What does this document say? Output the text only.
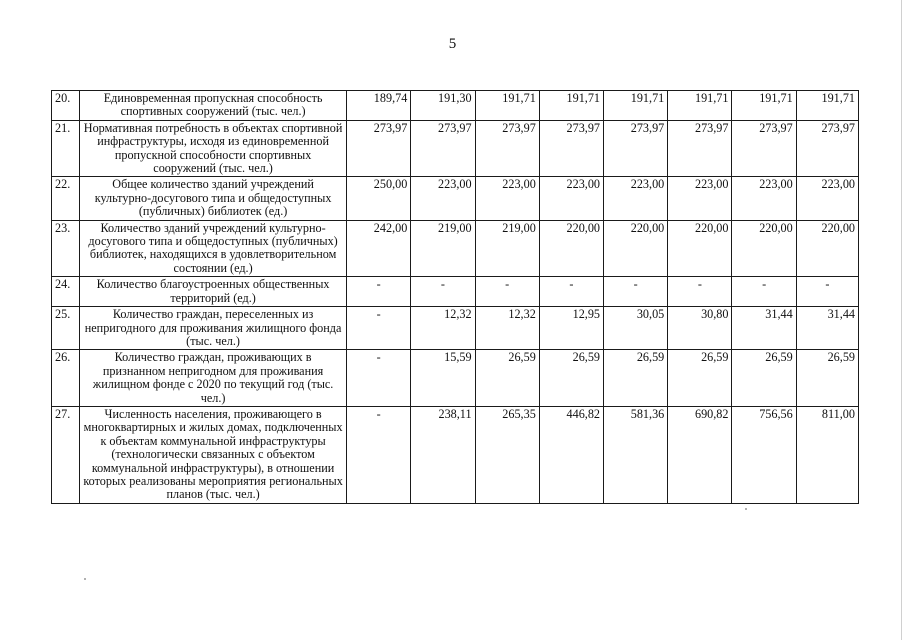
5
20.	Единовременная пропускная способность спортивных сооружений (тыс. чел.)	189,74	191,30	191,71	191,71	191,71	191,71	191,71	191,71
21.	Нормативная потребность в объектах спортивной инфраструктуры, исходя из единовременной пропускной способности спортивных сооружений (тыс. чел.)	273,97	273,97	273,97	273,97	273,97	273,97	273,97	273,97
22.	Общее количество зданий учреждений культурно-досугового типа и общедоступных (публичных) библиотек (ед.)	250,00	223,00	223,00	223,00	223,00	223,00	223,00	223,00
23.	Количество зданий учреждений культурно-досугового типа и общедоступных (публичных) библиотек, находящихся в удовлетворительном состоянии (ед.)	242,00	219,00	219,00	220,00	220,00	220,00	220,00	220,00
24.	Количество благоустроенных общественных территорий (ед.)	-	-	-	-	-	-	-	-
25.	Количество граждан, переселенных из непригодного для проживания жилищного фонда (тыс. чел.)	-	12,32	12,32	12,95	30,05	30,80	31,44	31,44
26.	Количество граждан, проживающих в признанном непригодном для проживания жилищном фонде с 2020 по текущий год (тыс. чел.)	-	15,59	26,59	26,59	26,59	26,59	26,59	26,59
27.	Численность населения, проживающего в многоквартирных и жилых домах, подключенных к объектам коммунальной инфраструктуры (технологически связанных с объектом коммунальной инфраструктуры), в отношении которых реализованы мероприятия региональных планов (тыс. чел.)	-	238,11	265,35	446,82	581,36	690,82	756,56	811,00
